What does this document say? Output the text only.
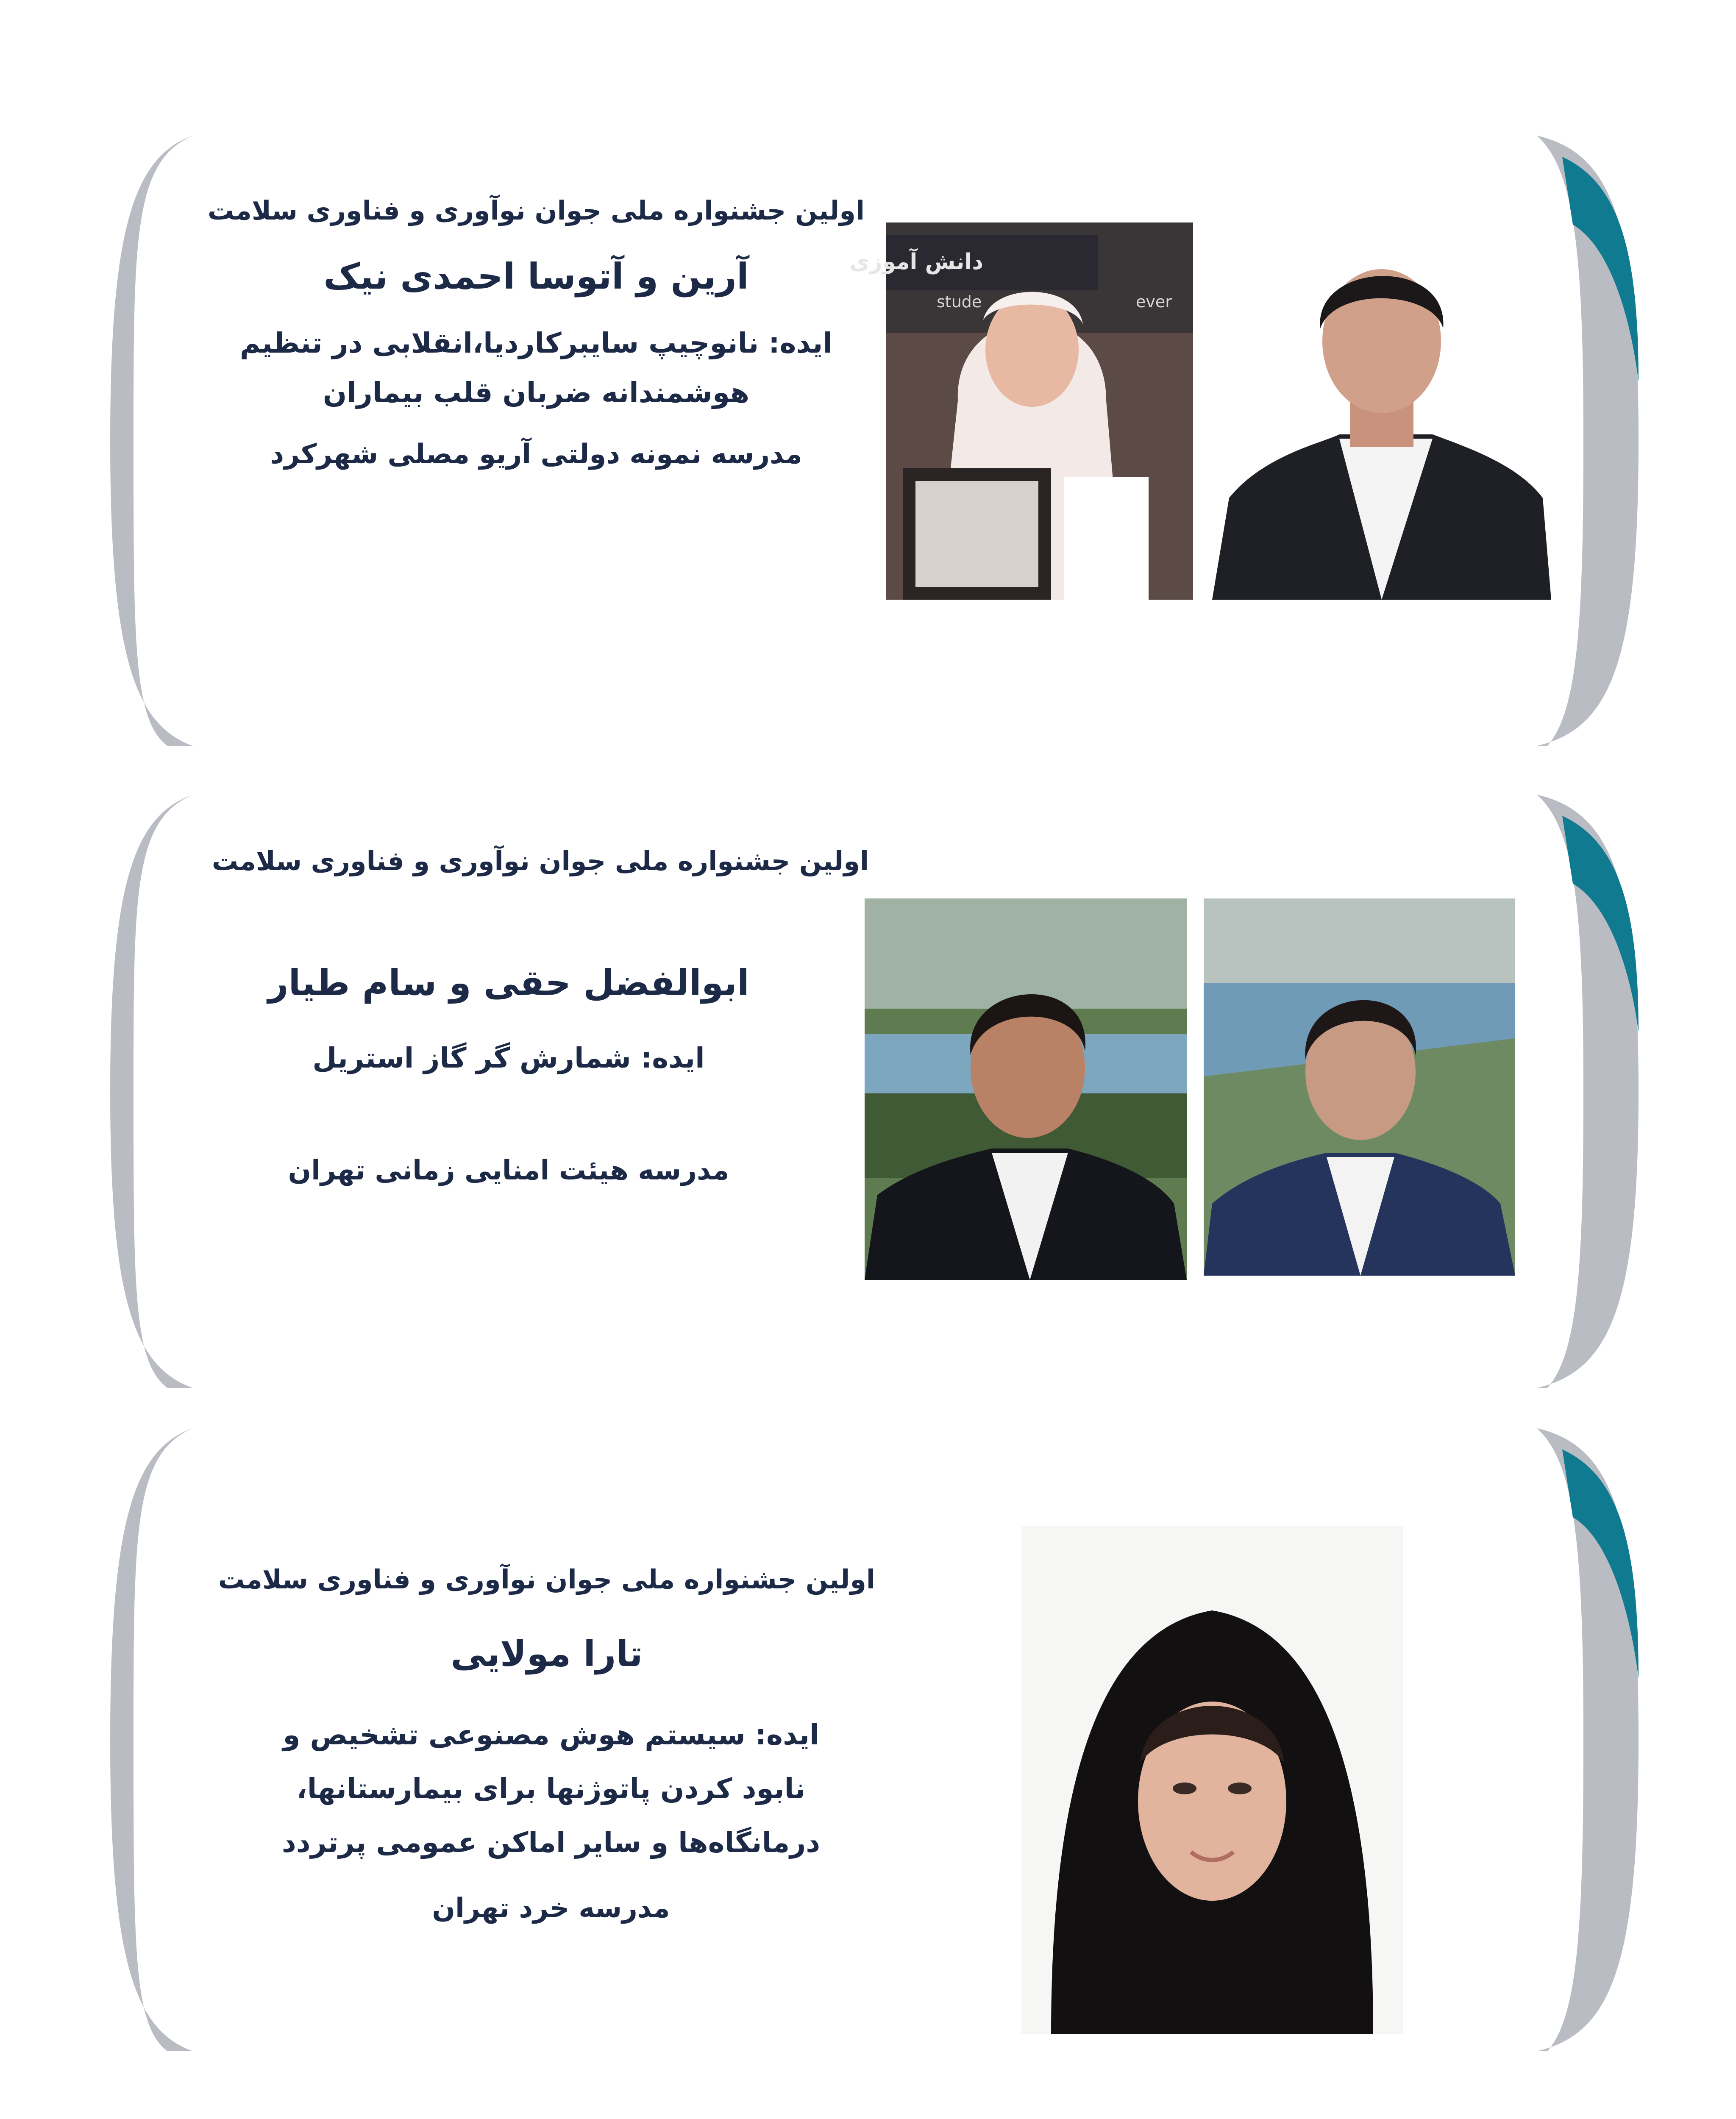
اولین جشنواره ملی جوان نوآوری و فناوری سلامت
آرین و آتوسا احمدی نیک
ایده: نانوچیپ سایبرکاردیا،انقلابی در تنظیم
هوشمندانه ضربان قلب بیماران
مدرسه نمونه دولتی آریو مصلی شهرکرد
دانش آموزی
stude	ever
اولین جشنواره ملی جوان نوآوری و فناوری سلامت
ابوالفضل حقی و سام طیار
ایده: شمارش گر گاز استریل
مدرسه هیئت امنایی زمانی تهران
اولین جشنواره ملی جوان نوآوری و فناوری سلامت
تارا مولایی
ایده: سیستم هوش مصنوعی تشخیص و
نابود کردن پاتوژنها برای بیمارستانها،
درمانگاه‌ها و سایر اماکن عمومی پرتردد
مدرسه خرد تهران
